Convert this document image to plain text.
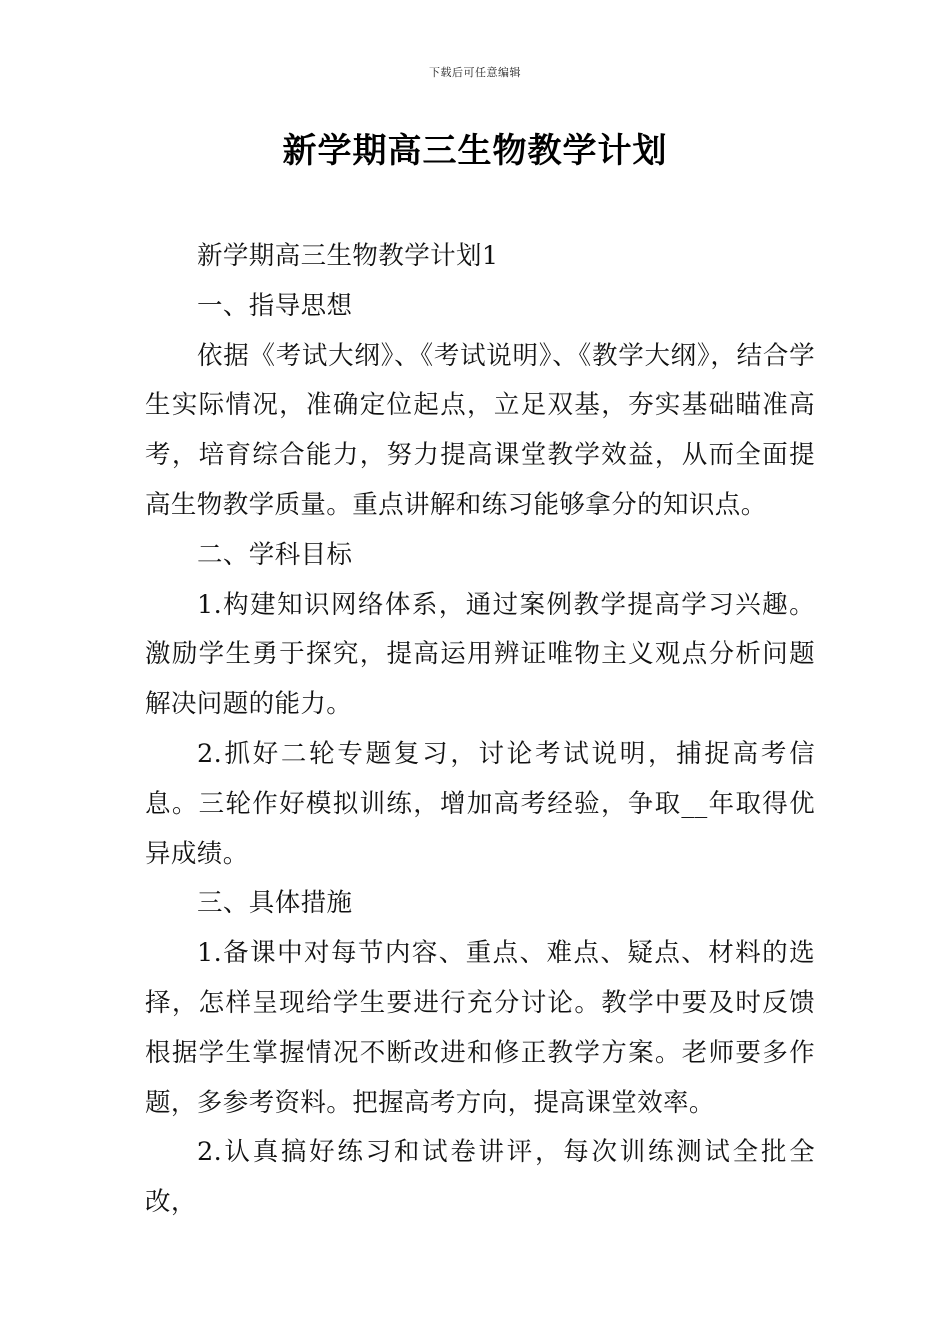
下载后可任意编辑
新学期高三生物教学计划

新学期高三生物教学计划1

一、指导思想

依据《考试大纲》、《考试说明》、《教学大纲》，结合学生实际情况，准确定位起点，立足双基，夯实基础瞄准高考，培育综合能力，努力提高课堂教学效益，从而全面提高生物教学质量。重点讲解和练习能够拿分的知识点。

二、学科目标

1.构建知识网络体系，通过案例教学提高学习兴趣。激励学生勇于探究，提高运用辨证唯物主义观点分析问题解决问题的能力。

2.抓好二轮专题复习，讨论考试说明，捕捉高考信息。三轮作好模拟训练，增加高考经验，争取__年取得优异成绩。

三、具体措施

1.备课中对每节内容、重点、难点、疑点、材料的选择，怎样呈现给学生要进行充分讨论。教学中要及时反馈根据学生掌握情况不断改进和修正教学方案。老师要多作题，多参考资料。把握高考方向，提高课堂效率。

2.认真搞好练习和试卷讲评，每次训练测试全批全改，
